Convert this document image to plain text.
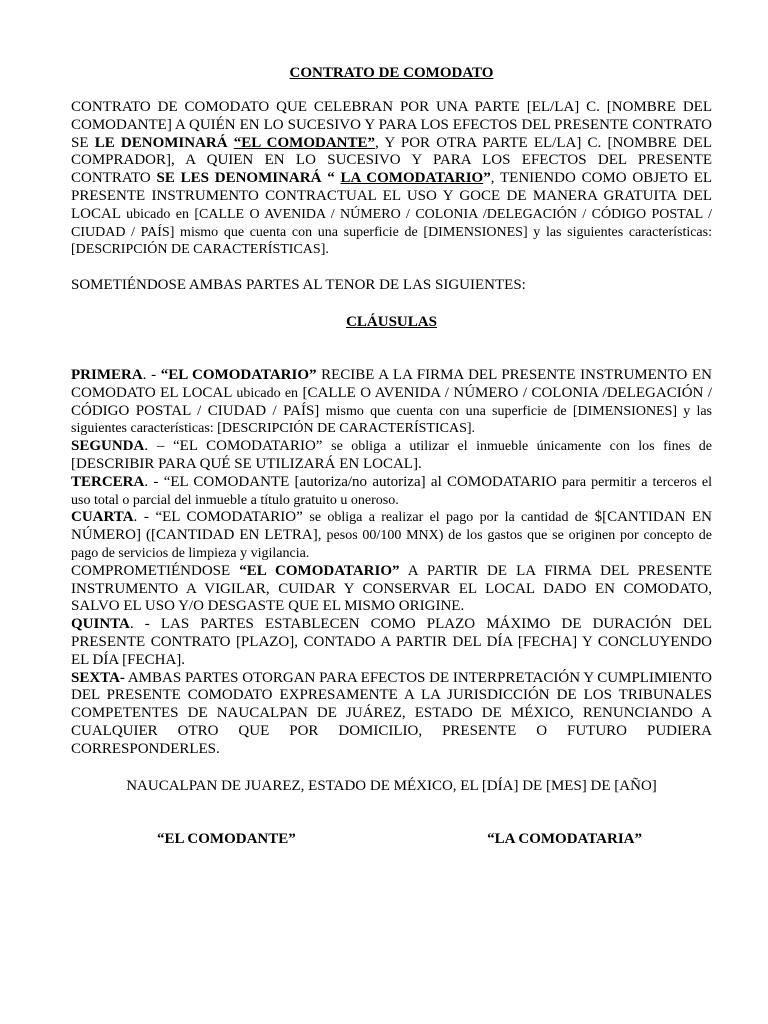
CONTRATO DE COMODATO

CONTRATO DE COMODATO QUE CELEBRAN POR UNA PARTE [EL/LA] C. [NOMBRE DEL COMODANTE] A QUIÉN EN LO SUCESIVO Y PARA LOS EFECTOS DEL PRESENTE CONTRATO SE LE DENOMINARÁ “EL COMODANTE”, Y POR OTRA PARTE EL/LA] C. [NOMBRE DEL COMPRADOR], A QUIEN EN LO SUCESIVO Y PARA LOS EFECTOS DEL PRESENTE CONTRATO SE LES DENOMINARÁ “ LA COMODATARIO”, TENIENDO COMO OBJETO EL PRESENTE INSTRUMENTO CONTRACTUAL EL USO Y GOCE DE MANERA GRATUITA DEL LOCAL ubicado en [CALLE O AVENIDA / NÚMERO / COLONIA /DELEGACIÓN / CÓDIGO POSTAL / CIUDAD / PAÍS] mismo que cuenta con una superficie de [DIMENSIONES] y las siguientes características: [DESCRIPCIÓN DE CARACTERÍSTICAS].

SOMETIÉNDOSE AMBAS PARTES AL TENOR DE LAS SIGUIENTES:

CLÁUSULAS

PRIMERA. - “EL COMODATARIO” RECIBE A LA FIRMA DEL PRESENTE INSTRUMENTO EN COMODATO EL LOCAL ubicado en [CALLE O AVENIDA / NÚMERO / COLONIA /DELEGACIÓN / CÓDIGO POSTAL / CIUDAD / PAÍS] mismo que cuenta con una superficie de [DIMENSIONES] y las siguientes características: [DESCRIPCIÓN DE CARACTERÍSTICAS].

SEGUNDA. – “EL COMODATARIO” se obliga a utilizar el inmueble únicamente con los fines de [DESCRIBIR PARA QUÉ SE UTILIZARÁ EN LOCAL].

TERCERA. - “EL COMODANTE [autoriza/no autoriza] al COMODATARIO para permitir a terceros el uso total o parcial del inmueble a título gratuito u oneroso.

CUARTA. - “EL COMODATARIO” se obliga a realizar el pago por la cantidad de $[CANTIDAN EN NÚMERO] ([CANTIDAD EN LETRA], pesos 00/100 MNX) de los gastos que se originen por concepto de pago de servicios de limpieza y vigilancia.

COMPROMETIÉNDOSE “EL COMODATARIO” A PARTIR DE LA FIRMA DEL PRESENTE INSTRUMENTO A VIGILAR, CUIDAR Y CONSERVAR EL LOCAL DADO EN COMODATO, SALVO EL USO Y/O DESGASTE QUE EL MISMO ORIGINE.

QUINTA. - LAS PARTES ESTABLECEN COMO PLAZO MÁXIMO DE DURACIÓN DEL PRESENTE CONTRATO [PLAZO], CONTADO A PARTIR DEL DÍA [FECHA] Y CONCLUYENDO EL DÍA [FECHA].

SEXTA- AMBAS PARTES OTORGAN PARA EFECTOS DE INTERPRETACIÓN Y CUMPLIMIENTO DEL PRESENTE COMODATO EXPRESAMENTE A LA JURISDICCIÓN DE LOS TRIBUNALES COMPETENTES DE NAUCALPAN DE JUÁREZ, ESTADO DE MÉXICO, RENUNCIANDO A CUALQUIER OTRO QUE POR DOMICILIO, PRESENTE O FUTURO PUDIERA CORRESPONDERLES.

NAUCALPAN DE JUAREZ, ESTADO DE MÉXICO, EL [DÍA] DE [MES] DE [AÑO]
“EL COMODANTE”	“LA COMODATARIA”
